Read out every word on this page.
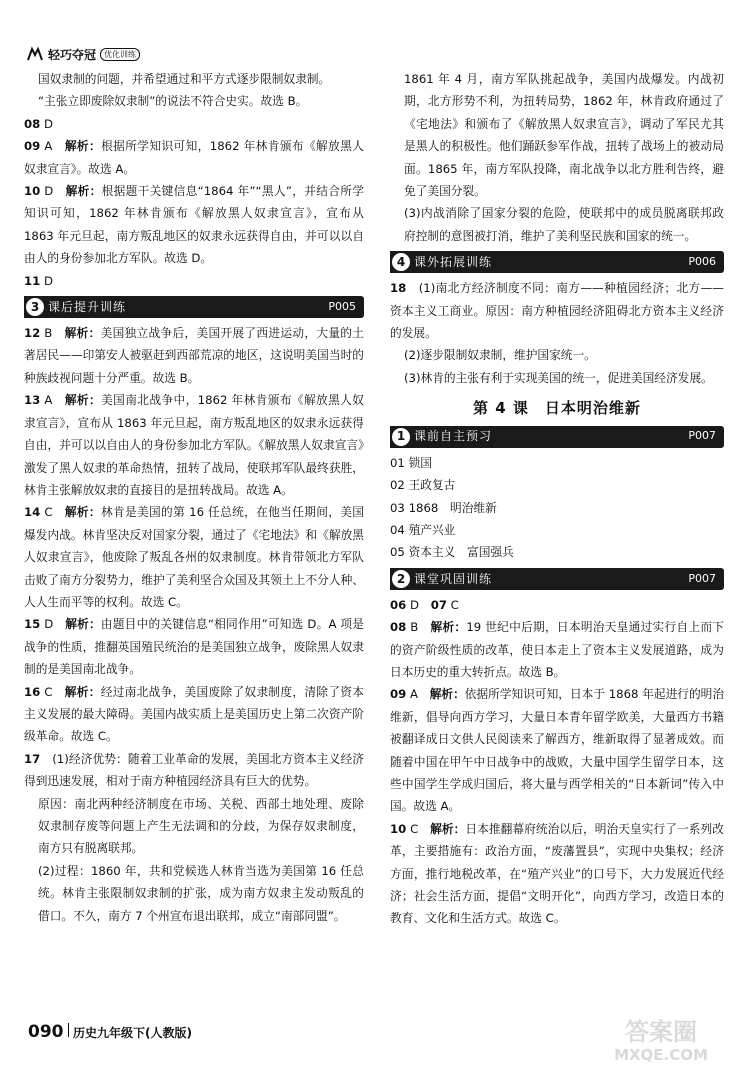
轻巧夺冠	优化训练

国奴隶制的问题，并希望通过和平方式逐步限制奴隶制。

“主张立即废除奴隶制”的说法不符合史实。故选 B。

08 D

09 A　 解析：根据所学知识可知，1862 年林肯颁布《解放黑人奴隶宣言》。故选 A。

10 D　 解析：根据题干关键信息“1864 年”“黑人”，并结合所学知识可知，1862 年林肯颁布《解放黑人奴隶宣言》，宣布从 1863 年元旦起，南方叛乱地区的奴隶永远获得自由，并可以以自由人的身份参加北方军队。故选 D。

11 D

3 课后提升训练	P005

12 B　 解析：美国独立战争后，美国开展了西进运动，大量的土著居民——印第安人被驱赶到西部荒凉的地区，这说明美国当时的种族歧视问题十分严重。故选 B。

13 A　 解析：美国南北战争中，1862 年林肯颁布《解放黑人奴隶宣言》，宣布从 1863 年元旦起，南方叛乱地区的奴隶永远获得自由，并可以以自由人的身份参加北方军队。《解放黑人奴隶宣言》激发了黑人奴隶的革命热情，扭转了战局，使联邦军队最终获胜，林肯主张解放奴隶的直接目的是扭转战局。故选 A。

14 C　 解析：林肯是美国的第 16 任总统，在他当任期间，美国爆发内战。林肯坚决反对国家分裂，通过了《宅地法》和《解放黑人奴隶宣言》，他废除了叛乱各州的奴隶制度。林肯带领北方军队击败了南方分裂势力，维护了美利坚合众国及其领土上不分人种、人人生而平等的权利。故选 C。

15 D　 解析：由题目中的关键信息“相同作用”可知选 D。A 项是战争的性质，推翻英国殖民统治的是美国独立战争，废除黑人奴隶制的是美国南北战争。

16 C　 解析：经过南北战争，美国废除了奴隶制度，清除了资本主义发展的最大障碍。美国内战实质上是美国历史上第二次资产阶级革命。故选 C。

17　 (1)经济优势：随着工业革命的发展，美国北方资本主义经济得到迅速发展，相对于南方种植园经济具有巨大的优势。

原因：南北两种经济制度在市场、关税、西部土地处理、废除奴隶制存废等问题上产生无法调和的分歧，为保存奴隶制度，南方只有脱离联邦。

(2)过程：1860 年，共和党候选人林肯当选为美国第 16 任总统。林肯主张限制奴隶制的扩张，成为南方奴隶主发动叛乱的借口。不久，南方 7 个州宣布退出联邦，成立“南部同盟”。

1861 年 4 月，南方军队挑起战争，美国内战爆发。内战初期，北方形势不利，为扭转局势，1862 年，林肯政府通过了《宅地法》和颁布了《解放黑人奴隶宣言》，调动了军民尤其是黑人的积极性。他们踊跃参军作战，扭转了战场上的被动局面。1865 年，南方军队投降，南北战争以北方胜利告终，避免了美国分裂。

(3)内战消除了国家分裂的危险，使联邦中的成员脱离联邦政府控制的意图被打消，维护了美利坚民族和国家的统一。

4 课外拓展训练	P006

18　 (1)南北方经济制度不同：南方——种植园经济；北方——资本主义工商业。原因：南方种植园经济阻碍北方资本主义经济的发展。

(2)逐步限制奴隶制，维护国家统一。

(3)林肯的主张有利于实现美国的统一，促进美国经济发展。

第 4 课　日本明治维新
1 课前自主预习	P007

01 锁国

02 王政复古

03 1868　明治维新

04 殖产兴业

05 资本主义　富国强兵

2 课堂巩固训练	P007

06 D　 07 C

08 B　 解析：19 世纪中后期，日本明治天皇通过实行自上而下的资产阶级性质的改革，使日本走上了资本主义发展道路，成为日本历史的重大转折点。故选 B。

09 A　 解析：依据所学知识可知，日本于 1868 年起进行的明治维新，倡导向西方学习，大量日本青年留学欧美，大量西方书籍被翻译成日文供人民阅读来了解西方，维新取得了显著成效。而随着中国在甲午中日战争中的战败，大量中国学生留学日本，这些中国学生学成归国后，将大量与西学相关的“日本新词”传入中国。故选 A。

10 C　 解析：日本推翻幕府统治以后，明治天皇实行了一系列改革，主要措施有：政治方面，“废藩置县”，实现中央集权；经济方面，推行地税改革，在“殖产兴业”的口号下，大力发展近代经济；社会生活方面，提倡“文明开化”，向西方学习，改造日本的教育、文化和生活方式。故选 C。

090 历史九年级下(人教版)	答案圈
MXQE.COM
